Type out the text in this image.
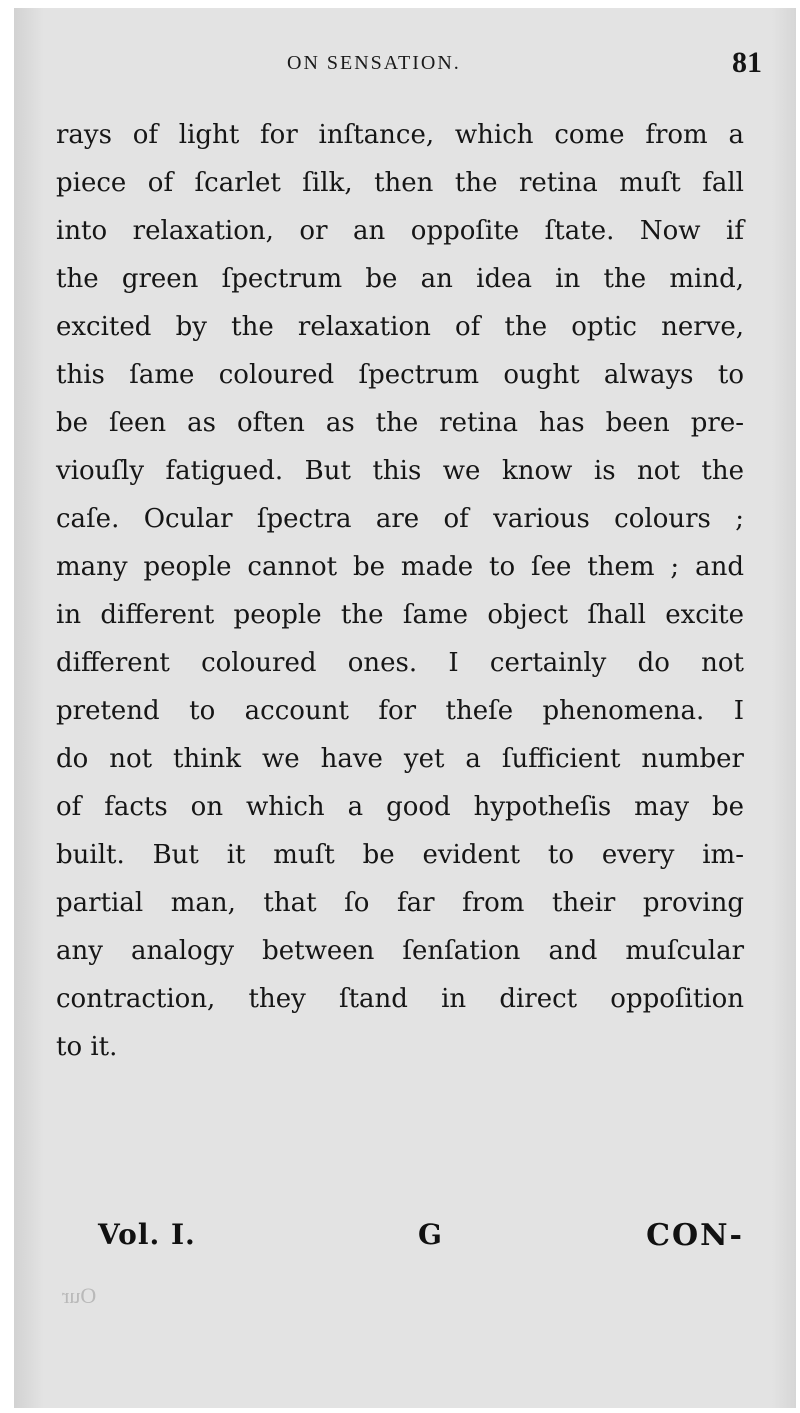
ON SENSATION.	81
rays of light for inſtance, which come from a
piece of ſcarlet ſilk, then the retina muſt fall
into relaxation, or an oppoſite ſtate. Now if
the green ſpectrum be an idea in the mind,
excited by the relaxation of the optic nerve,
this ſame coloured ſpectrum ought always to
be ſeen as often as the retina has been pre-
viouſly fatigued. But this we know is not the
caſe. Ocular ſpectra are of various colours ;
many people cannot be made to ſee them ; and
in different people the ſame object ſhall excite
different coloured ones. I certainly do not
pretend to account for theſe phenomena. I
do not think we have yet a ſufficient number
of facts on which a good hypotheſis may be
built. But it muſt be evident to every im-
partial man, that ſo far from their proving
any analogy between ſenſation and muſcular
contraction, they ſtand in direct oppoſition
to it.
Vol. I.	G	CON-
Our
